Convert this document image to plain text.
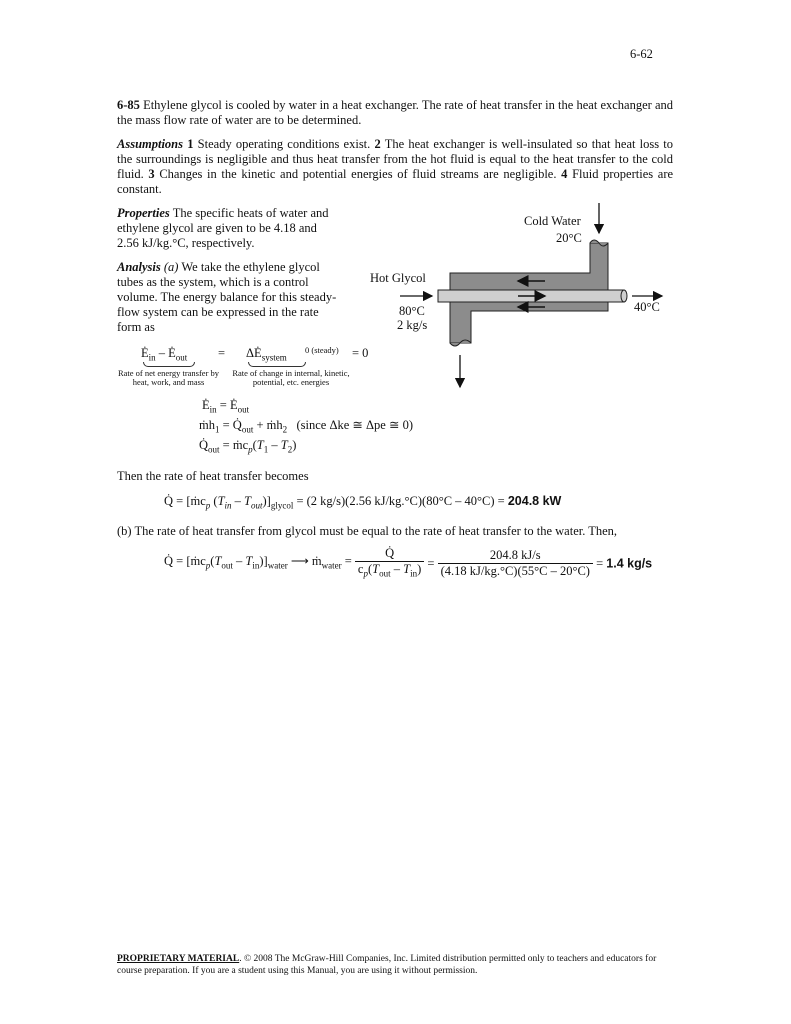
6-62
6-85 Ethylene glycol is cooled by water in a heat exchanger. The rate of heat transfer in the heat exchanger and the mass flow rate of water are to be determined.
Assumptions 1 Steady operating conditions exist. 2 The heat exchanger is well-insulated so that heat loss to the surroundings is negligible and thus heat transfer from the hot fluid is equal to the heat transfer to the cold fluid. 3 Changes in the kinetic and potential energies of fluid streams are negligible. 4 Fluid properties are constant.
Properties The specific heats of water and ethylene glycol are given to be 4.18 and 2.56 kJ/kg.°C, respectively.
Analysis (a) We take the ethylene glycol tubes as the system, which is a control volume. The energy balance for this steady-flow system can be expressed in the rate form as
Cold Water
20°C
Hot Glycol
80°C
2 kg/s
40°C
$Ė_{in}$ – $Ė_{out}$ = $\Delta Ė_{system}$
0 (steady) = 0
Rate of net energy transfer by heat, work, and mass
Rate of change in internal, kinetic, potential, etc. energies
$Ė_{in}$ = $Ė_{out}$
ṁh$_1$ = $Q̇_{out}$ + ṁh$_2$ (since Δke ≅ Δpe ≅ 0)
$Q̇_{out}$ = $ṁc_p(T_1 - T_2)$
Then the rate of heat transfer becomes
Q̇ = [ṁc$_p$ $(T_{in} - T_{out})]_{glycol} = (2$ kg/s)(2.56 kJ/kg.°C)(80°C – 40°C) = 204.8 kW
(b) The rate of heat transfer from glycol must be equal to the rate of heat transfer to the water. Then,
Q̇ = $[ṁc_p(T_{out} - T_{in})]_{water}$ ⟶ ṁ$_{water}$ = $\frac{Q̇}{c_p(T_{out} - T_{in})} = \frac{204.8 kJ/s}{(4.18 kJ/kg.^\circ C)(55^\circ C - 20^\circ C)} = 1.4$ kg/s
PROPRIETARY MATERIAL. © 2008 The McGraw-Hill Companies, Inc. Limited distribution permitted only to teachers and educators for course preparation. If you are a student using this Manual, you are using it without permission.
